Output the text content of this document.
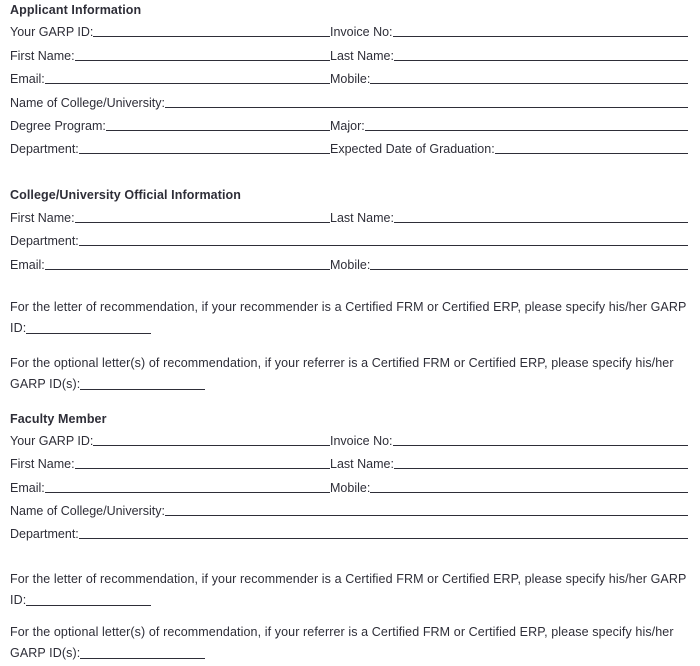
Applicant Information
Your GARP ID:	Invoice No:
First Name:	Last Name:
Email:	Mobile:
Name of College/University:
Degree Program:	Major:
Department:	Expected Date of Graduation:
College/University Official Information
First Name:	Last Name:
Department:
Email:	Mobile:

For the letter of recommendation, if your recommender is a Certified FRM or Certified ERP, please specify his/her GARP ID:

For the optional letter(s) of recommendation, if your referrer is a Certified FRM or Certified ERP, please specify his/her GARP ID(s):

Faculty Member
Your GARP ID:	Invoice No:
First Name:	Last Name:
Email:	Mobile:
Name of College/University:
Department:

For the letter of recommendation, if your recommender is a Certified FRM or Certified ERP, please specify his/her GARP ID:

For the optional letter(s) of recommendation, if your referrer is a Certified FRM or Certified ERP, please specify his/her GARP ID(s):
